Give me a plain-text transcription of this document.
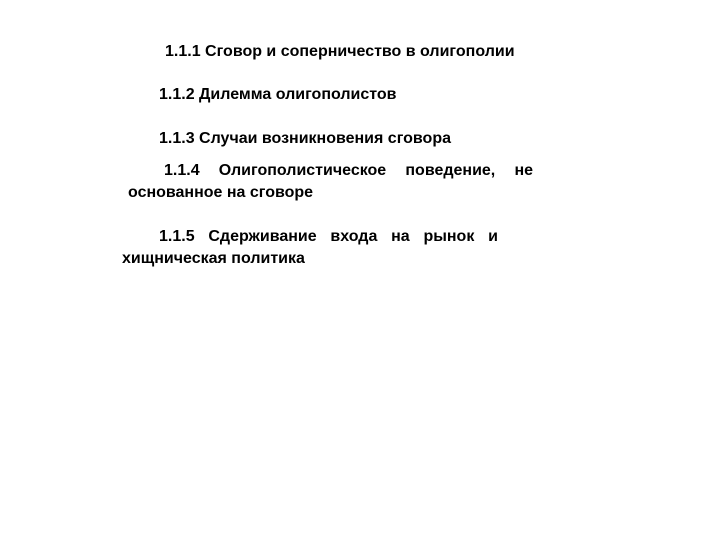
1.1.1 Сговор и соперничество в олигополии

1.1.2 Дилемма олигополистов

1.1.3 Случаи возникновения сговора

1.1.4 Олигополистическое поведение, не
основанное на сговоре
1.1.5 Сдерживание входа на рынок и
хищническая политика
